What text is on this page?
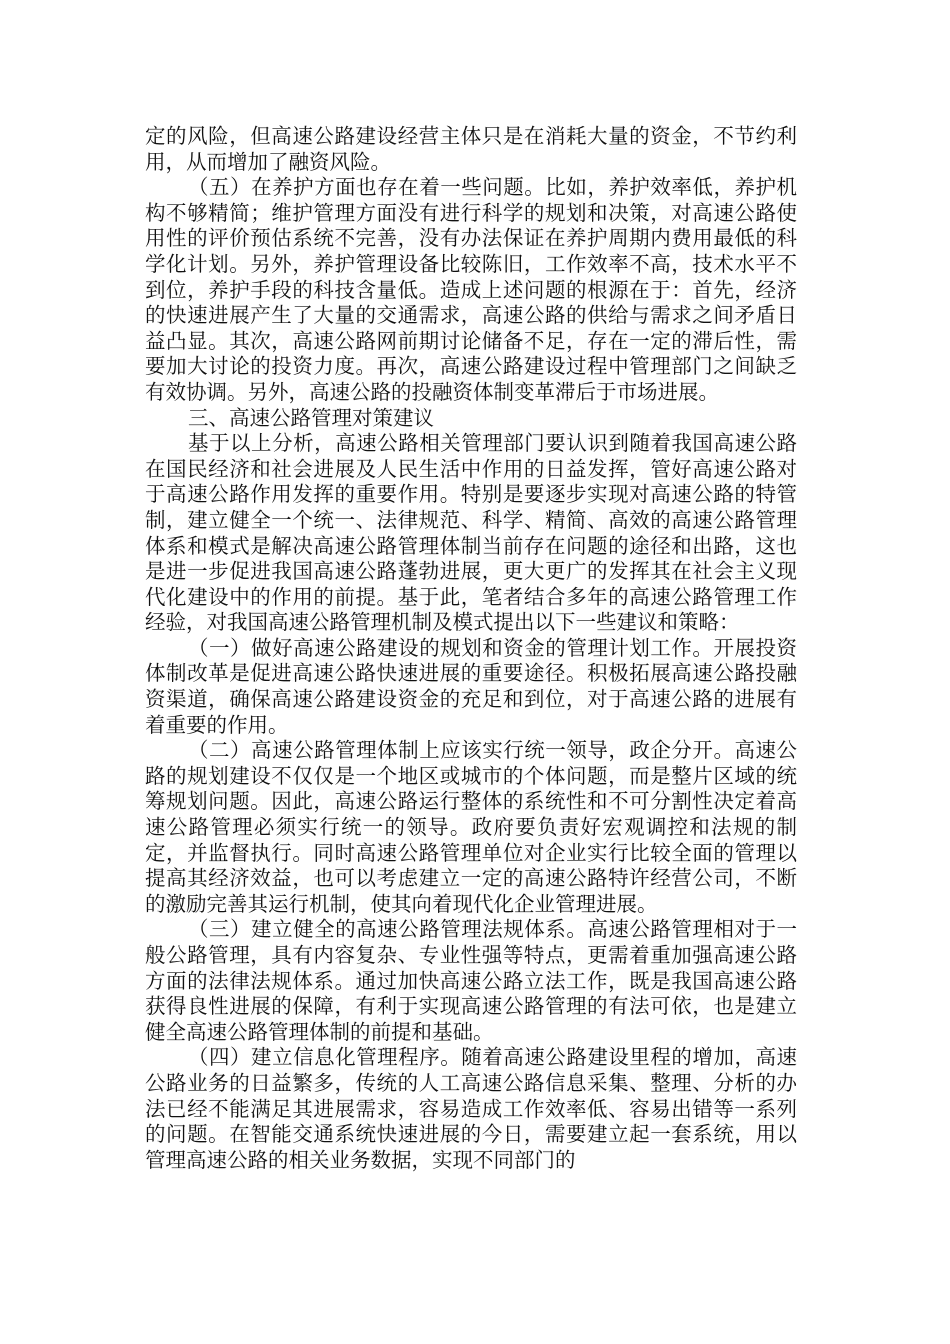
定的风险，但高速公路建设经营主体只是在消耗大量的资金，不节约利用，从而增加了融资风险。

（五）在养护方面也存在着一些问题。比如，养护效率低，养护机构不够精简；维护管理方面没有进行科学的规划和决策，对高速公路使用性的评价预估系统不完善，没有办法保证在养护周期内费用最低的科学化计划。另外，养护管理设备比较陈旧，工作效率不高，技术水平不到位，养护手段的科技含量低。造成上述问题的根源在于：首先，经济的快速进展产生了大量的交通需求，高速公路的供给与需求之间矛盾日益凸显。其次，高速公路网前期讨论储备不足，存在一定的滞后性，需要加大讨论的投资力度。再次，高速公路建设过程中管理部门之间缺乏有效协调。另外，高速公路的投融资体制变革滞后于市场进展。

三、高速公路管理对策建议

基于以上分析，高速公路相关管理部门要认识到随着我国高速公路在国民经济和社会进展及人民生活中作用的日益发挥，管好高速公路对于高速公路作用发挥的重要作用。特别是要逐步实现对高速公路的特管制，建立健全一个统一、法律规范、科学、精简、高效的高速公路管理体系和模式是解决高速公路管理体制当前存在问题的途径和出路，这也是进一步促进我国高速公路蓬勃进展，更大更广的发挥其在社会主义现代化建设中的作用的前提。基于此，笔者结合多年的高速公路管理工作经验，对我国高速公路管理机制及模式提出以下一些建议和策略：

（一）做好高速公路建设的规划和资金的管理计划工作。开展投资体制改革是促进高速公路快速进展的重要途径。积极拓展高速公路投融资渠道，确保高速公路建设资金的充足和到位，对于高速公路的进展有着重要的作用。

（二）高速公路管理体制上应该实行统一领导，政企分开。高速公路的规划建设不仅仅是一个地区或城市的个体问题，而是整片区域的统筹规划问题。因此，高速公路运行整体的系统性和不可分割性决定着高速公路管理必须实行统一的领导。政府要负责好宏观调控和法规的制定，并监督执行。同时高速公路管理单位对企业实行比较全面的管理以提高其经济效益，也可以考虑建立一定的高速公路特许经营公司，不断的激励完善其运行机制，使其向着现代化企业管理进展。

（三）建立健全的高速公路管理法规体系。高速公路管理相对于一般公路管理，具有内容复杂、专业性强等特点，更需着重加强高速公路方面的法律法规体系。通过加快高速公路立法工作，既是我国高速公路获得良性进展的保障，有利于实现高速公路管理的有法可依，也是建立健全高速公路管理体制的前提和基础。

（四）建立信息化管理程序。随着高速公路建设里程的增加，高速公路业务的日益繁多，传统的人工高速公路信息采集、整理、分析的办法已经不能满足其进展需求，容易造成工作效率低、容易出错等一系列的问题。在智能交通系统快速进展的今日，需要建立起一套系统，用以管理高速公路的相关业务数据，实现不同部门的
